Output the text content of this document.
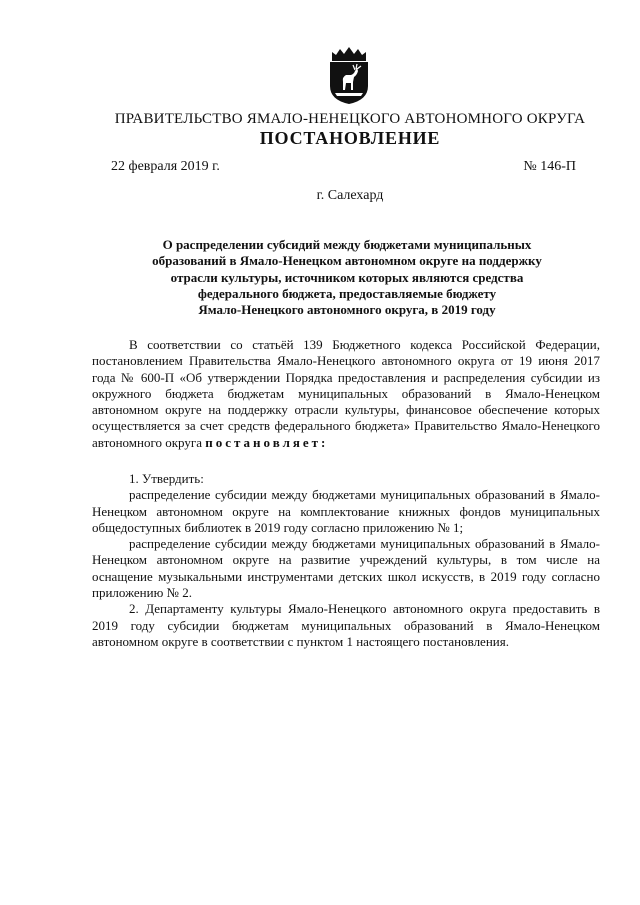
ПРАВИТЕЛЬСТВО ЯМАЛО-НЕНЕЦКОГО АВТОНОМНОГО ОКРУГА
ПОСТАНОВЛЕНИЕ
22 февраля 2019 г.	№ 146-П
г. Салехард
О распределении субсидий между бюджетами муниципальных
образований в Ямало-Ненецком автономном округе на поддержку
отрасли культуры, источником которых являются средства
федерального бюджета, предоставляемые бюджету
Ямало-Ненецкого автономного округа, в 2019 году

В соответствии со статьёй 139 Бюджетного кодекса Российской Федерации, постановлением Правительства Ямало-Ненецкого автономного округа от 19 июня 2017 года № 600-П «Об утверждении Порядка предоставления и распределения субсидии из окружного бюджета бюджетам муниципальных образований в Ямало-Ненецком автономном округе на поддержку отрасли культуры, финансовое обеспечение которых осуществляется за счет средств федерального бюджета» Правительство Ямало-Ненецкого автономного округа постановляет:

1. Утвердить:

распределение субсидии между бюджетами муниципальных образований в Ямало-Ненецком автономном округе на комплектование книжных фондов муниципальных общедоступных библиотек в 2019 году согласно приложению № 1;

распределение субсидии между бюджетами муниципальных образований в Ямало-Ненецком автономном округе на развитие учреждений культуры, в том числе на оснащение музыкальными инструментами детских школ искусств, в 2019 году согласно приложению № 2.

2. Департаменту культуры Ямало-Ненецкого автономного округа предоставить в 2019 году субсидии бюджетам муниципальных образований в Ямало-Ненецком автономном округе в соответствии с пунктом 1 настоящего постановления.
